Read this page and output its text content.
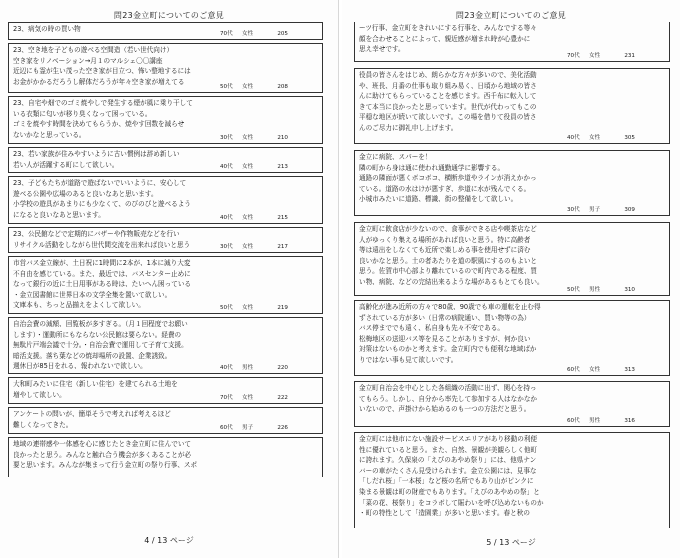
問23金立町についてのご意見
23、病気の時の買い物
70代 女性	205
23、空き地を子どもの遊べる空間造（若い世代向け）
空き家をリノベーション→月１のマルシェ〇〇講座
近辺にも霊が生い茂った空き家が目立つ、怖い整地するには
お金がかかるだろうし解体だろうが年々空き家が増えてる
50代 女性	208
23、自宅や畑でのゴミ焼やしで発生する煙が風に乗り干して
いる衣類に匂いが移り臭くなって困っている。
ゴミを焼やす時間を決めてもらうか、焼やす回数を減らせ
ないかなと思っている。	30代 女性	210
23、若い家族が住みやすいように古い慣例は辞め新しい
若い人が活躍する町にして欲しい。	40代 女性	213
23、子どもたちが道路で遊ばないでいいように、安心して
遊べる公園や広場のあると良いなあと思います。
小学校の遊具があまりにも少なくて、のびのびと遊べるよう
になると良いなあと思います。	40代 女性	215
23、公民館などで定期的にバザーや作物販売などを行い
リサイクル活動をしながら世代間交流を出来れば良いと思う	30代 女性	217
市営バス金立線が、土日祝に1時間に2本が、1本に減り大変
不自由を感じている。また、最近では、バスセンター止めに
なって銀行の近に土日用事がある時は、たいへん困っている
・金立図書館に世界日本の文学全集を置いて欲しい。
文庫本も、ちっと品揃えをよくして欲しい。	50代 女性	219
自治会費の減額、回覧板が多すぎる。（月１回程度でお願い
します）・運動所にもならない公民館は要らない。経費の
無駄片戸端会議で十分。・自治会費で運用して子育て支援。
暗活支援。落ち葉などの焼却場所の設置、企業誘致。
週休日が85日をれる、報われないで欲しい。	40代 男性	220
大和町みたいに住宅（新しい住宅）を建てられる土地を
増やして欲しい。	70代 女性	222
アンケートの問いが、簡単そうで考えれば考えるほど
難しくなってきた。	60代 男子	226
地域の連帯感や一体感を心に感じたとき金立町に住んでいて
良かったと思う。みんなと触れ合う機会が多くあることが必
要と思います。みんなが集まって行う金立町の祭り行事、スポ
4 / 13 ページ
問23金立町についてのご意見
ーツ行事、金立町をきれいにする行事を、みんなでする等々
顔を合わせることによって、親近感が増まれ時が心豊かに
思え幸せです。
70代 女性	231
役員の皆さんをはじめ、朗らかな方々が多いので、美化活動
や、班長、月番の仕事も取り組み易く、日頃から地域の皆さ
んに助けてもらっていることを感じます。西千布に転入して
きて本当に良かったと思っています。世代が代わってもこの
平穏な地区が続いて欲しいです。この場を借りて役員の皆さ
んのご尽力に御礼申し上げます。
40代 女性	305
金立に病院、スパーを！
隣の町から身は通に使われ通勤通学に影響する。
通路の隣面が悪くボコボコ、横断歩道やラインが消えかかっ
ている。道路の水はけが悪すぎ、歩道に水が残んでくる。
小城市みたいに道路、標識、街の整備をして欲しい。
30代 男子	309
金立町に飲食店が少ないので、食事ができる店や喫茶店など
人がゆっくり集える場所があれば良いと思う。特に高齢者
等は遠出をしなくても近所で楽しめる事を使用せずに済む
良いかなと思う。土の者あたりを道の駅風にするのもよいと
思う。佐賀市中心部より離れているので町内である程度、買
い物、病院、などの完結出来るような場があるもとても良い。
50代 男性	310
高齢化が進み近所の方々で80歳、90歳でも車の運転を止む得
ずされている方が多い（日常の病院通い、買い物等の為）
バス停まででも遠く、私自身も先々不安である。
松梅地区の送迎バス等を見ることがありますが、何か良い
対策はないものかと考えます。金立町内でも便利な地域ばか
りではない事も見て欲しいです。
60代 女性	313
金立町自治会を中心とした各組織の活動に出ず、関心を持っ
てもらう。しかし、自分から率先して参加する人はなかなか
いないので、声掛けから始めるのも一つの方法だと思う。
60代 男性	316
金立町には他市にない施設サービスエリアがあり移動の利便
性に優れていると思う。また、自然、景観が美観らしく他町
に誇れます。久保泉の「えびのあやめ祭り」には、他県ナン
バーの車がたくさん見受けられます。金立公園には、見事な
「しだれ桜」「一本桜」など桜の名所でもあり山がピンクに
染まる景観は町の財産でもあります。「えびのあやめの祭」と
「菜の花、桜祭り」をコラボして賑わいを呼び込めないものか
・町の特性として「造園業」が多いと思います。春と秋の
5 / 13 ページ
